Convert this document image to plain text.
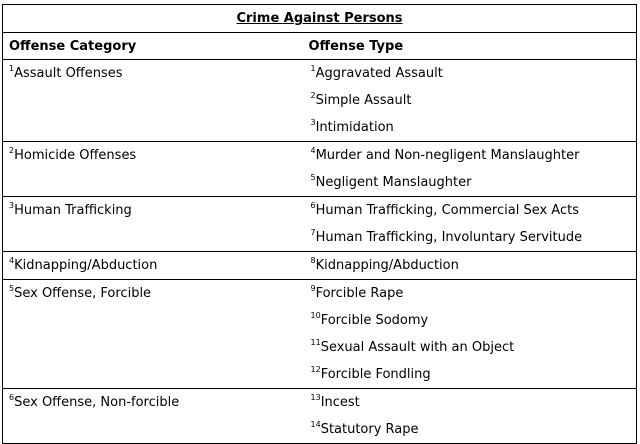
Crime Against Persons	
Offense Category	Offense Type

$^1$Assault Offenses	$^1$Aggravated Assault
$^2$Simple Assault
$^3$Intimidation

$^2$Homicide Offenses	$^4$Murder and Non-negligent Manslaughter
$^5$Negligent Manslaughter

$^3$Human Trafficking	$^6$Human Trafficking, Commercial Sex Acts
$^7$Human Trafficking, Involuntary Servitude

$^4$Kidnapping/Abduction	$^8$Kidnapping/Abduction

$^5$Sex Offense, Forcible	$^9$Forcible Rape
$^{10}$Forcible Sodomy
$^{11}$Sexual Assault with an Object
$^{12}$Forcible Fondling

$^6$Sex Offense, Non-forcible	$^{13}$Incest
$^{14}$Statutory Rape
